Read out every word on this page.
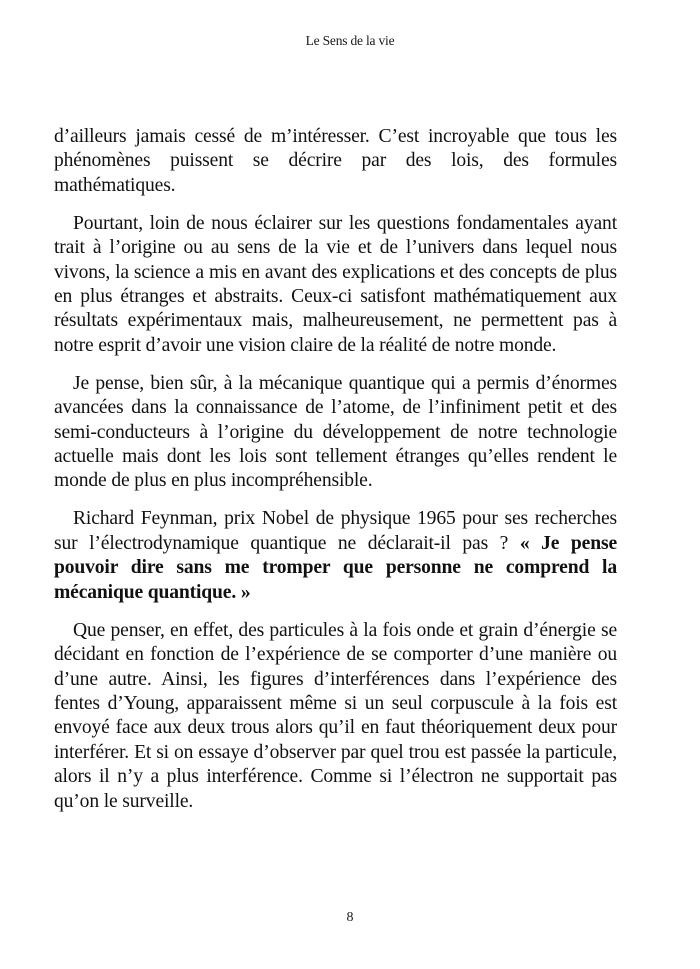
Le Sens de la vie

d’ailleurs jamais cessé de m’intéresser. C’est incroyable que tous les phénomènes puissent se décrire par des lois, des formules mathématiques.

Pourtant, loin de nous éclairer sur les questions fondamentales ayant trait à l’origine ou au sens de la vie et de l’univers dans lequel nous vivons, la science a mis en avant des explications et des concepts de plus en plus étranges et abstraits. Ceux-ci satisfont mathématiquement aux résultats expérimentaux mais, malheureusement, ne permettent pas à notre esprit d’avoir une vision claire de la réalité de notre monde.

Je pense, bien sûr, à la mécanique quantique qui a permis d’énormes avancées dans la connaissance de l’atome, de l’infiniment petit et des semi-conducteurs à l’origine du développement de notre technologie actuelle mais dont les lois sont tellement étranges qu’elles rendent le monde de plus en plus incompréhensible.

Richard Feynman, prix Nobel de physique 1965 pour ses recherches sur l’électrodynamique quantique ne déclarait-il pas ? « Je pense pouvoir dire sans me tromper que personne ne comprend la mécanique quantique. »

Que penser, en effet, des particules à la fois onde et grain d’énergie se décidant en fonction de l’expérience de se comporter d’une manière ou d’une autre. Ainsi, les figures d’interférences dans l’expérience des fentes d’Young, apparaissent même si un seul corpuscule à la fois est envoyé face aux deux trous alors qu’il en faut théoriquement deux pour interférer. Et si on essaye d’observer par quel trou est passée la particule, alors il n’y a plus interférence. Comme si l’électron ne supportait pas qu’on le surveille.

8
